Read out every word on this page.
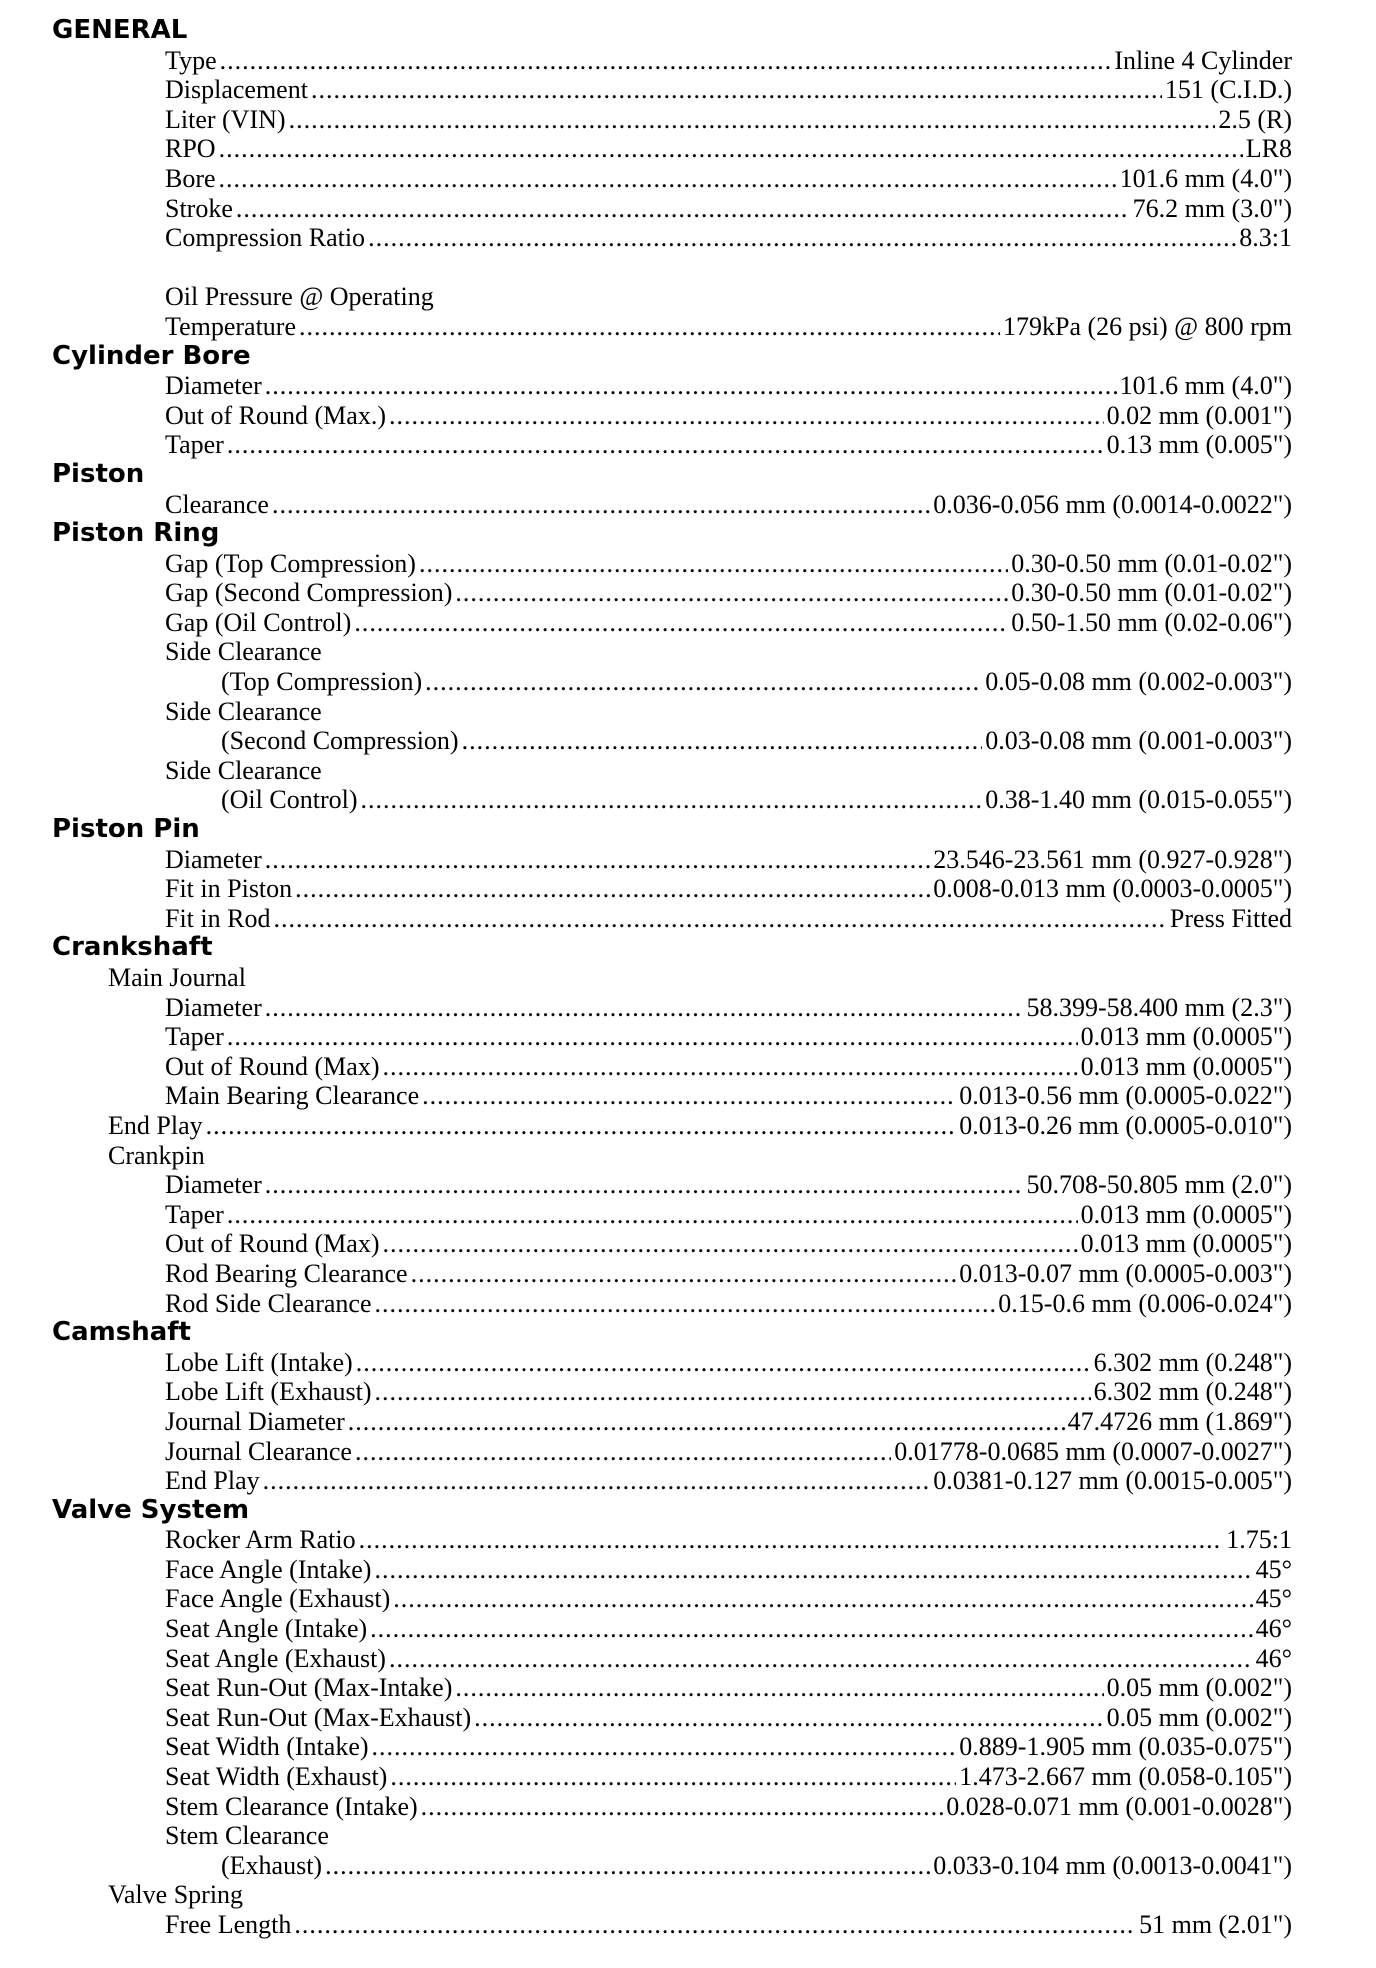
GENERAL
Type .....	Inline 4 Cylinder
Displacement .....	151 (C.I.D.)
Liter (VIN) .....	2.5 (R)
RPO .....	LR8
Bore .....	101.6 mm (4.0")
Stroke .....	76.2 mm (3.0")
Compression Ratio .....	8.3:1
Oil Pressure @ Operating
Temperature .....	179kPa (26 psi) @ 800 rpm
Cylinder Bore
Diameter .....	101.6 mm (4.0")
Out of Round (Max.) .....	0.02 mm (0.001")
Taper .....	0.13 mm (0.005")
Piston
Clearance .....	0.036-0.056 mm (0.0014-0.0022")
Piston Ring
Gap (Top Compression) .....	0.30-0.50 mm (0.01-0.02")
Gap (Second Compression) .....	0.30-0.50 mm (0.01-0.02")
Gap (Oil Control) .....	0.50-1.50 mm (0.02-0.06")
Side Clearance
(Top Compression) .....	0.05-0.08 mm (0.002-0.003")
Side Clearance
(Second Compression) .....	0.03-0.08 mm (0.001-0.003")
Side Clearance
(Oil Control) .....	0.38-1.40 mm (0.015-0.055")
Piston Pin
Diameter .....	23.546-23.561 mm (0.927-0.928")
Fit in Piston .....	0.008-0.013 mm (0.0003-0.0005")
Fit in Rod .....	Press Fitted
Crankshaft
Main Journal
Diameter .....	58.399-58.400 mm (2.3")
Taper .....	0.013 mm (0.0005")
Out of Round (Max) .....	0.013 mm (0.0005")
Main Bearing Clearance .....	0.013-0.56 mm (0.0005-0.022")
End Play .....	0.013-0.26 mm (0.0005-0.010")
Crankpin
Diameter .....	50.708-50.805 mm (2.0")
Taper .....	0.013 mm (0.0005")
Out of Round (Max) .....	0.013 mm (0.0005")
Rod Bearing Clearance .....	0.013-0.07 mm (0.0005-0.003")
Rod Side Clearance .....	0.15-0.6 mm (0.006-0.024")
Camshaft
Lobe Lift (Intake) .....	6.302 mm (0.248")
Lobe Lift (Exhaust) .....	6.302 mm (0.248")
Journal Diameter .....	47.4726 mm (1.869")
Journal Clearance .....	0.01778-0.0685 mm (0.0007-0.0027")
End Play .....	0.0381-0.127 mm (0.0015-0.005")
Valve System
Rocker Arm Ratio .....	1.75:1
Face Angle (Intake) .....	45°
Face Angle (Exhaust) .....	45°
Seat Angle (Intake) .....	46°
Seat Angle (Exhaust) .....	46°
Seat Run-Out (Max-Intake) .....	0.05 mm (0.002")
Seat Run-Out (Max-Exhaust) .....	0.05 mm (0.002")
Seat Width (Intake) .....	0.889-1.905 mm (0.035-0.075")
Seat Width (Exhaust) .....	1.473-2.667 mm (0.058-0.105")
Stem Clearance (Intake) .....	0.028-0.071 mm (0.001-0.0028")
Stem Clearance
(Exhaust) .....	0.033-0.104 mm (0.0013-0.0041")
Valve Spring
Free Length .....	51 mm (2.01")
